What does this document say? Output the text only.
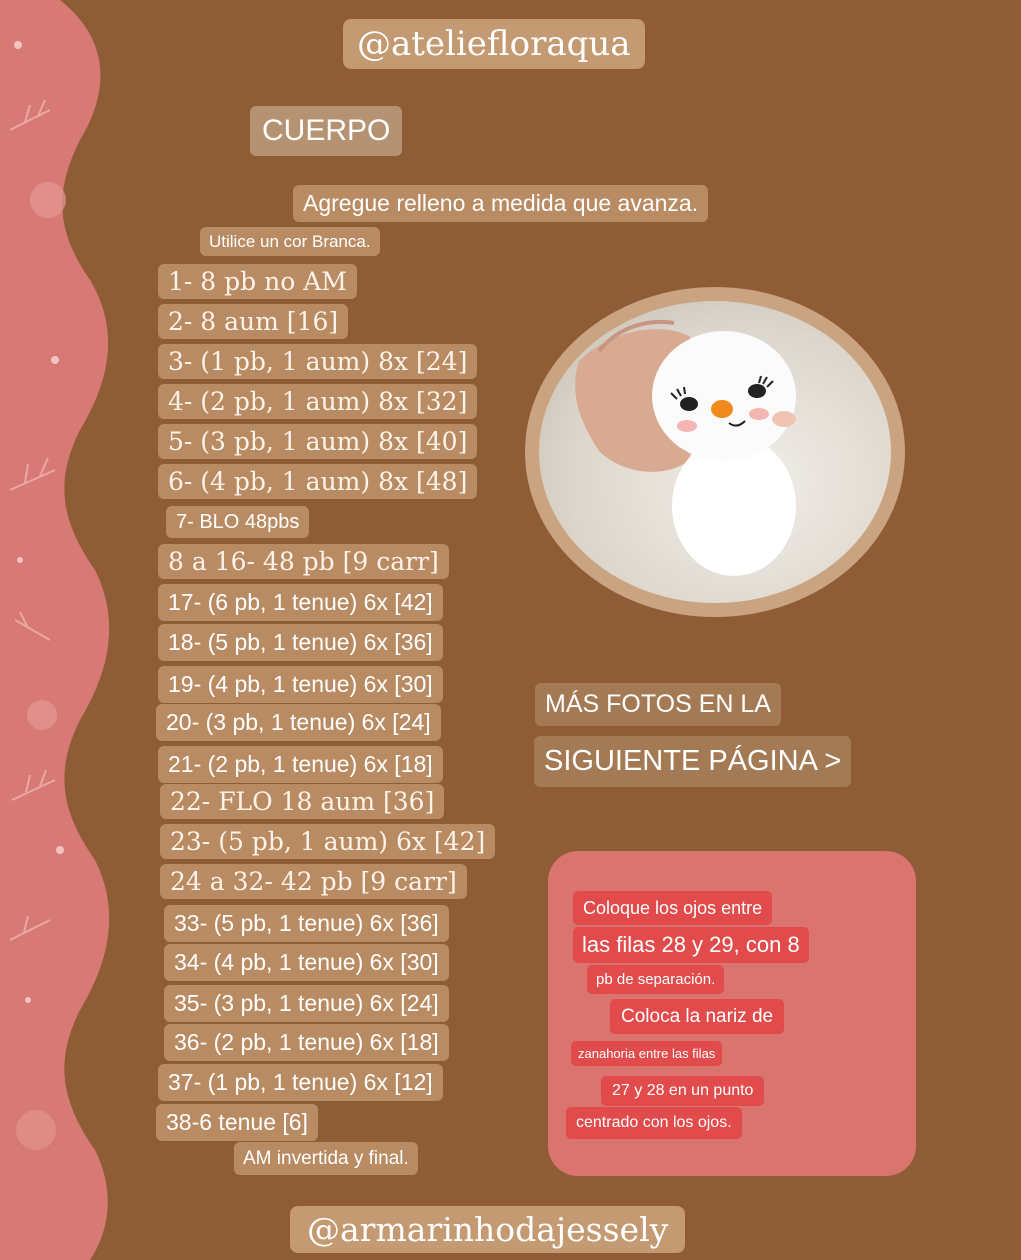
@ateliefloraqua
CUERPO
Agregue relleno a medida que avanza.
Utilice un cor Branca.
1- 8 pb no AM
2- 8 aum [16]
3- (1 pb, 1 aum) 8x [24]
4- (2 pb, 1 aum) 8x [32]
5- (3 pb, 1 aum) 8x [40]
6- (4 pb, 1 aum) 8x [48]
7- BLO 48pbs
8 a 16- 48 pb [9 carr]
17- (6 pb, 1 tenue) 6x [42]
18- (5 pb, 1 tenue) 6x [36]
19- (4 pb, 1 tenue) 6x [30]
20- (3 pb, 1 tenue) 6x [24]
21- (2 pb, 1 tenue) 6x [18]
22- FLO 18 aum [36]
23- (5 pb, 1 aum) 6x [42]
24 a 32- 42 pb [9 carr]
33- (5 pb, 1 tenue) 6x [36]
34- (4 pb, 1 tenue) 6x [30]
35- (3 pb, 1 tenue) 6x [24]
36- (2 pb, 1 tenue) 6x [18]
37- (1 pb, 1 tenue) 6x [12]
38-6 tenue [6]
AM invertida y final.
MÁS FOTOS EN LA
SIGUIENTE PÁGINA >
Coloque los ojos entre
las filas 28 y 29, con 8
pb de separación.
Coloca la nariz de
zanahoria entre las filas
27 y 28 en un punto
centrado con los ojos.
@armarinhodajessely
